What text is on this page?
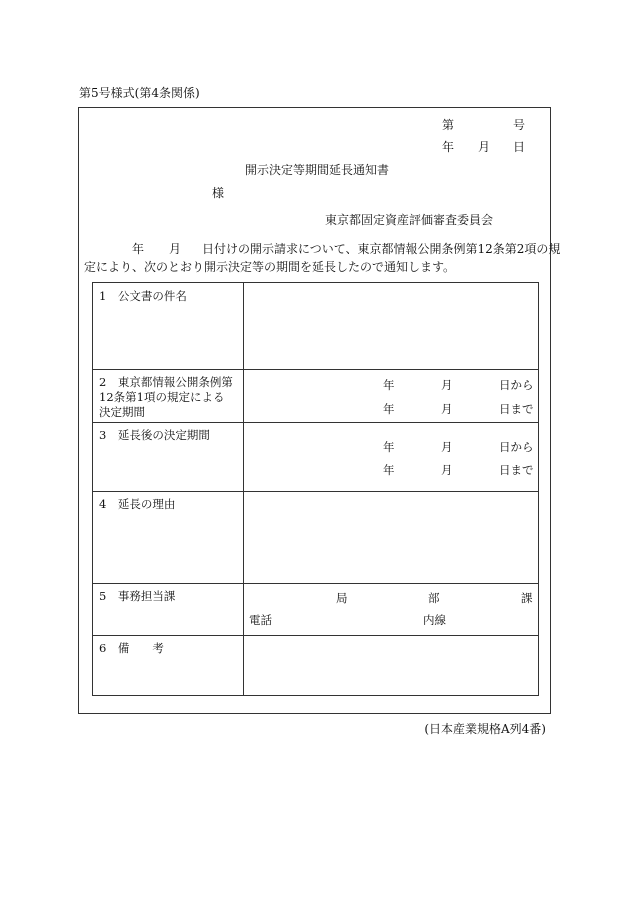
第5号様式(第4条関係)
第	号
年 月 日
開示決定等期間延長通知書
様
東京都固定資産評価審査委員会
年 月 日付けの開示請求について、東京都情報公開条例第12条第2項の規
定により、次のとおり開示決定等の期間を延長したので通知します。
1　公文書の件名
2　東京都情報公開条例第
12条第1項の規定による
決定期間
年	月	日から
年	月	日まで
3　延長後の決定期間
年	月	日から
年	月	日まで
4　延長の理由
5　事務担当課	局	部	課
電話	内線
6　備　　考
(日本産業規格A列4番)
